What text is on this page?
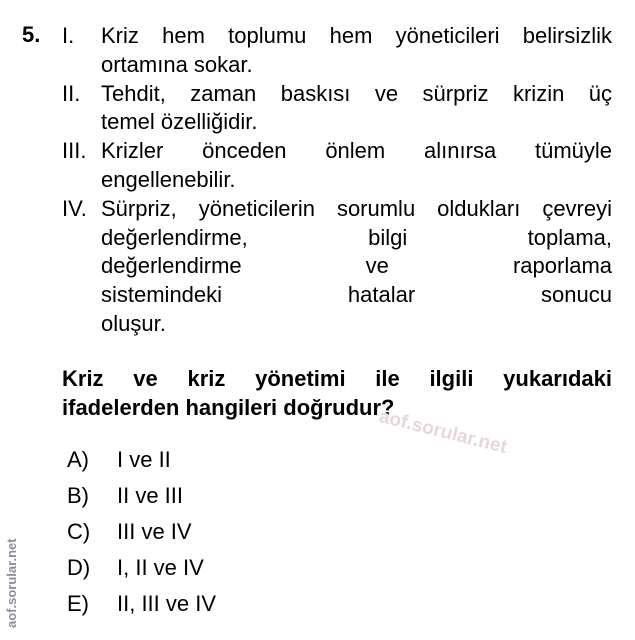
5. I. Kriz hem toplumu hem yöneticileri belirsizlik
ortamına sokar.
II. Tehdit, zaman baskısı ve sürpriz krizin üç
temel özelliğidir.
III. Krizler önceden önlem alınırsa tümüyle
engellenebilir.
IV. Sürpriz, yöneticilerin sorumlu oldukları çevreyi
değerlendirme, bilgi toplama,
değerlendirme ve raporlama
sistemindeki hatalar sonucu
oluşur.
Kriz ve kriz yönetimi ile ilgili yukarıdaki
ifadelerden hangileri doğrudur?
aof.sorular.net
A) I ve II
B) II ve III
C) III ve IV
D) I, II ve IV
E) II, III ve IV
aof.sorular.net
